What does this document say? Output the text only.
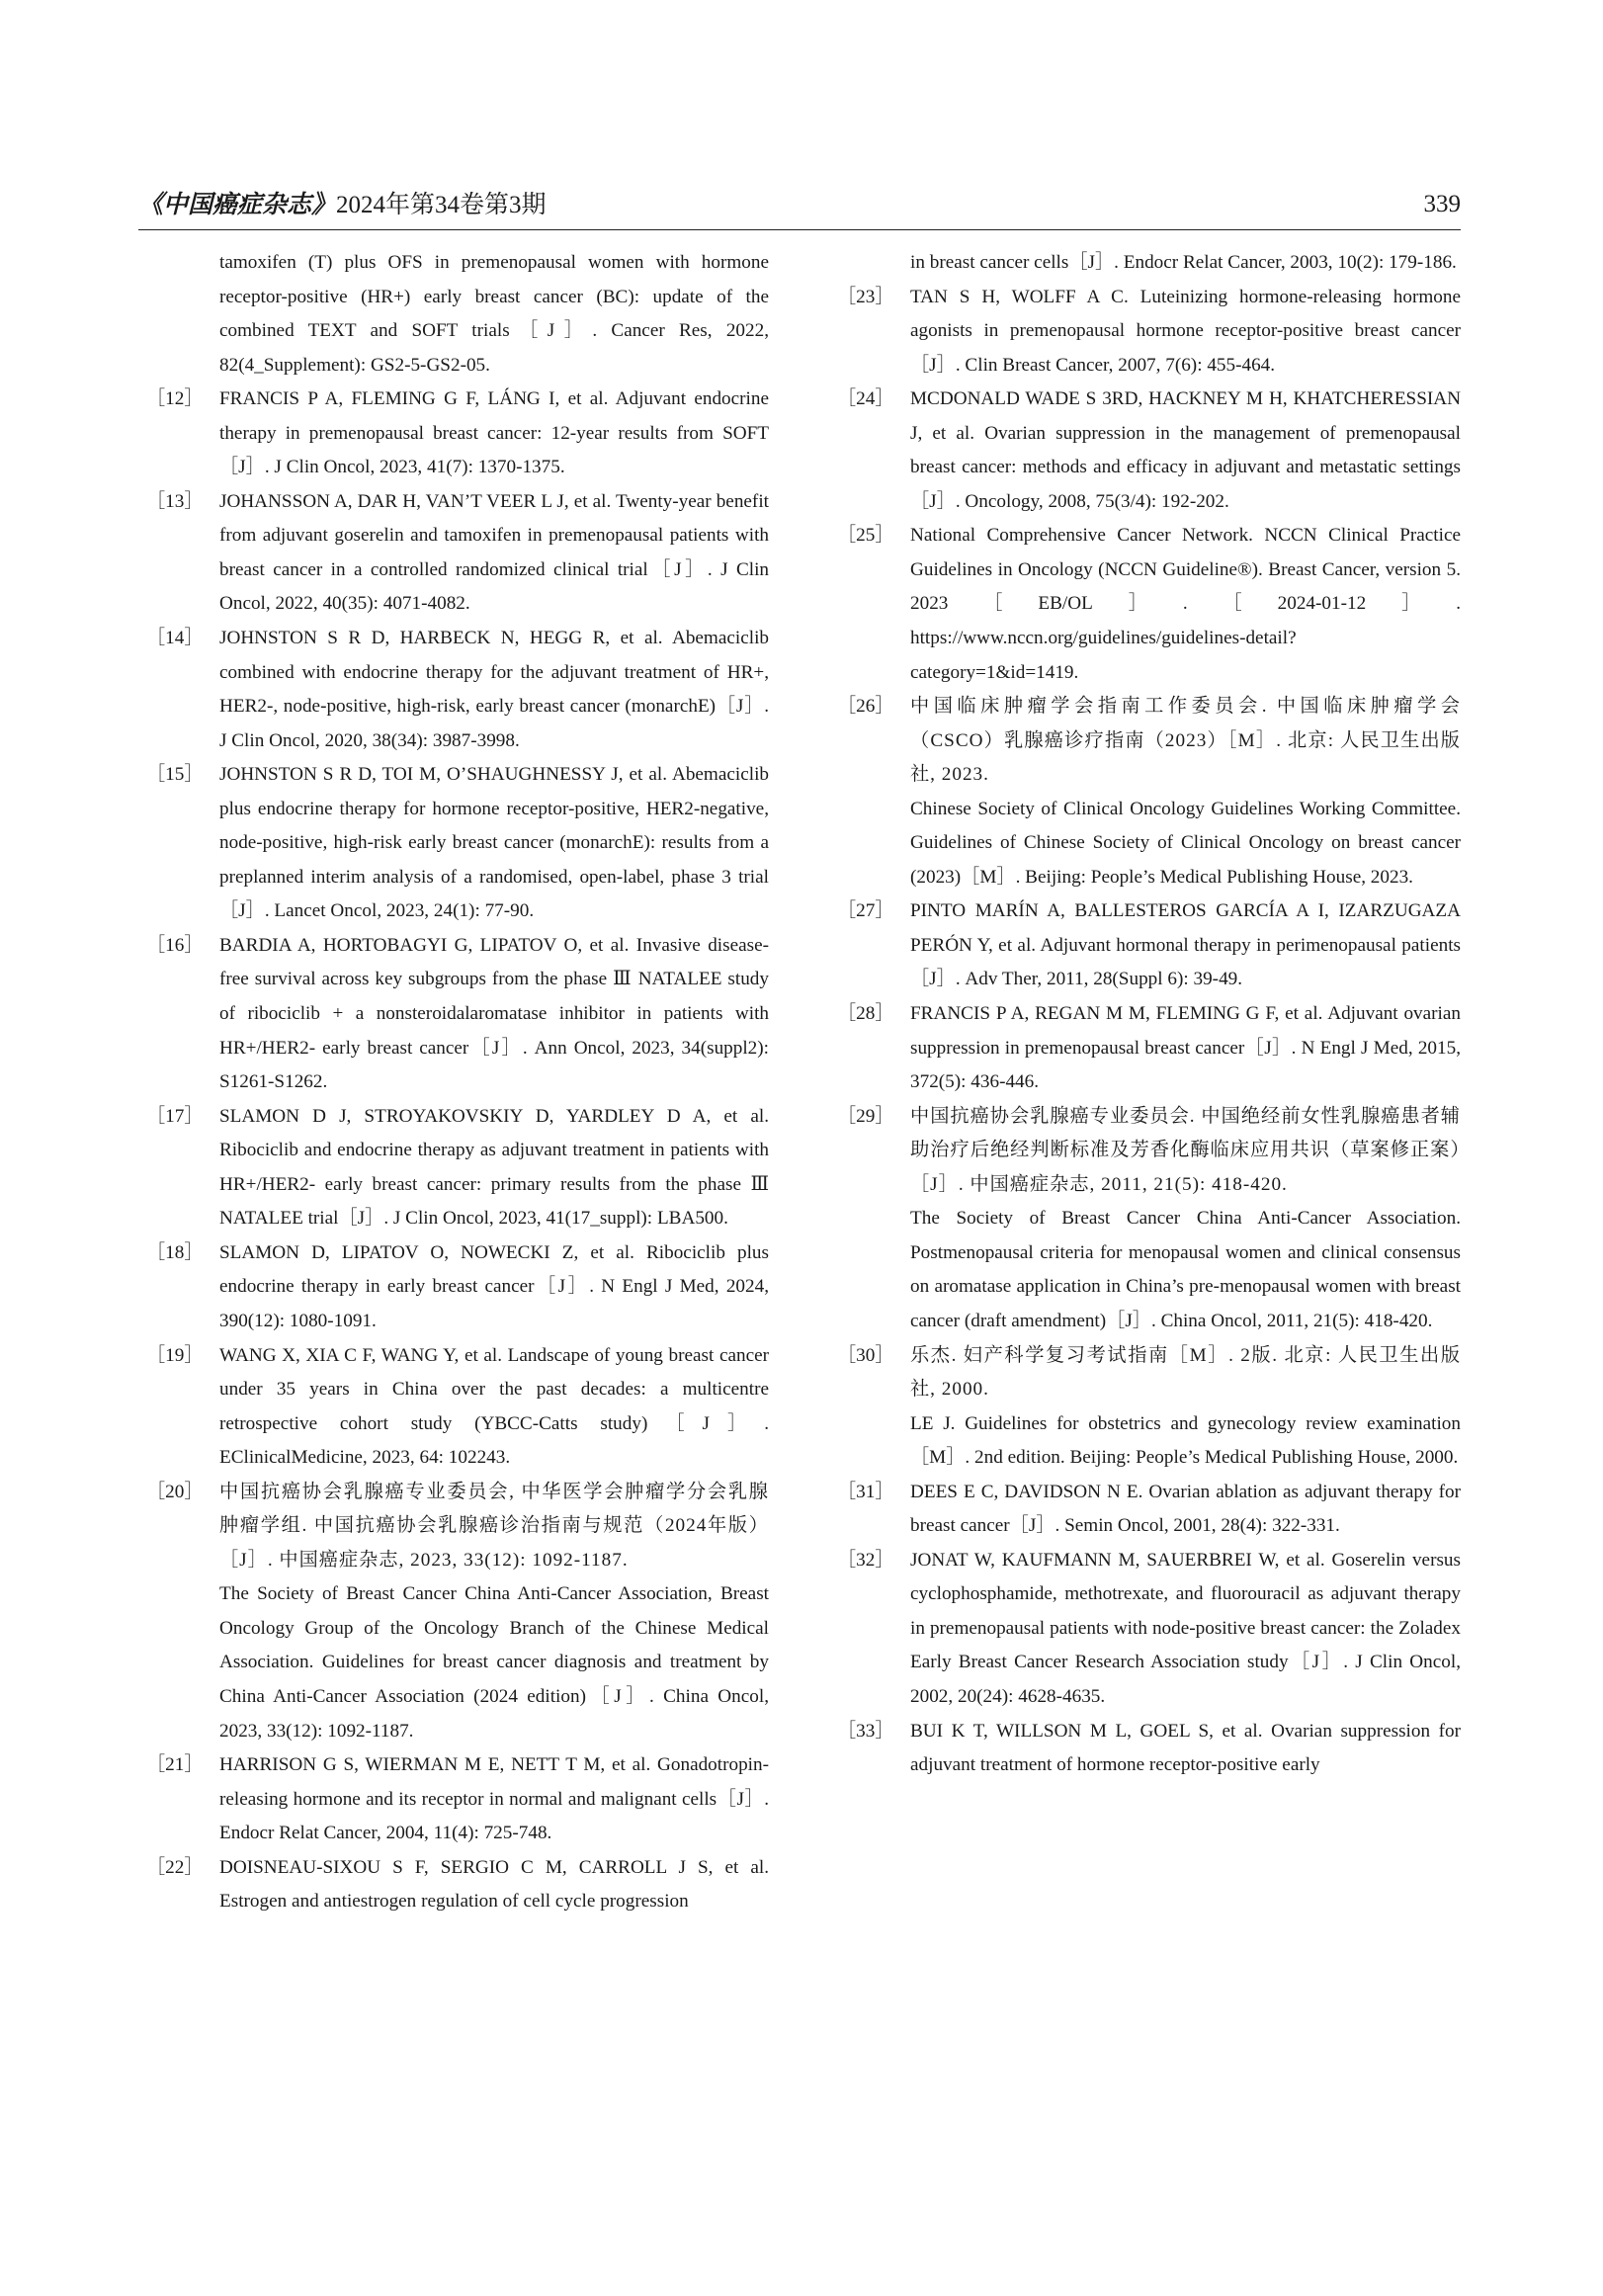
《中国癌症杂志》2024年第34卷第3期	339
tamoxifen (T) plus OFS in premenopausal women with hormone receptor-positive (HR+) early breast cancer (BC): update of the combined TEXT and SOFT trials［J］. Cancer Res, 2022, 82(4_Supplement): GS2-5-GS2-05.
［12］ FRANCIS P A, FLEMING G F, LÁNG I, et al. Adjuvant endocrine therapy in premenopausal breast cancer: 12-year results from SOFT［J］. J Clin Oncol, 2023, 41(7): 1370-1375.
［13］ JOHANSSON A, DAR H, VAN’T VEER L J, et al. Twenty-year benefit from adjuvant goserelin and tamoxifen in premenopausal patients with breast cancer in a controlled randomized clinical trial［J］. J Clin Oncol, 2022, 40(35): 4071-4082.
［14］ JOHNSTON S R D, HARBECK N, HEGG R, et al. Abemaciclib combined with endocrine therapy for the adjuvant treatment of HR+, HER2-, node-positive, high-risk, early breast cancer (monarchE)［J］. J Clin Oncol, 2020, 38(34): 3987-3998.
［15］ JOHNSTON S R D, TOI M, O’SHAUGHNESSY J, et al. Abemaciclib plus endocrine therapy for hormone receptor-positive, HER2-negative, node-positive, high-risk early breast cancer (monarchE): results from a preplanned interim analysis of a randomised, open-label, phase 3 trial［J］. Lancet Oncol, 2023, 24(1): 77-90.
［16］ BARDIA A, HORTOBAGYI G, LIPATOV O, et al. Invasive disease-free survival across key subgroups from the phase Ⅲ NATALEE study of ribociclib + a nonsteroidalaromatase inhibitor in patients with HR+/HER2- early breast cancer［J］. Ann Oncol, 2023, 34(suppl2): S1261-S1262.
［17］ SLAMON D J, STROYAKOVSKIY D, YARDLEY D A, et al. Ribociclib and endocrine therapy as adjuvant treatment in patients with HR+/HER2- early breast cancer: primary results from the phase Ⅲ NATALEE trial［J］. J Clin Oncol, 2023, 41(17_suppl): LBA500.
［18］ SLAMON D, LIPATOV O, NOWECKI Z, et al. Ribociclib plus endocrine therapy in early breast cancer［J］. N Engl J Med, 2024, 390(12): 1080-1091.
［19］ WANG X, XIA C F, WANG Y, et al. Landscape of young breast cancer under 35 years in China over the past decades: a multicentre retrospective cohort study (YBCC-Catts study)［J］. EClinicalMedicine, 2023, 64: 102243.
［20］ 中国抗癌协会乳腺癌专业委员会, 中华医学会肿瘤学分会乳腺肿瘤学组. 中国抗癌协会乳腺癌诊治指南与规范（2024年版）［J］. 中国癌症杂志, 2023, 33(12): 1092-1187.
The Society of Breast Cancer China Anti-Cancer Association, Breast Oncology Group of the Oncology Branch of the Chinese Medical Association. Guidelines for breast cancer diagnosis and treatment by China Anti-Cancer Association (2024 edition)［J］. China Oncol, 2023, 33(12): 1092-1187.
［21］ HARRISON G S, WIERMAN M E, NETT T M, et al. Gonadotropin-releasing hormone and its receptor in normal and malignant cells［J］. Endocr Relat Cancer, 2004, 11(4): 725-748.
［22］ DOISNEAU-SIXOU S F, SERGIO C M, CARROLL J S, et al. Estrogen and antiestrogen regulation of cell cycle progression
in breast cancer cells［J］. Endocr Relat Cancer, 2003, 10(2): 179-186.
［23］ TAN S H, WOLFF A C. Luteinizing hormone-releasing hormone agonists in premenopausal hormone receptor-positive breast cancer［J］. Clin Breast Cancer, 2007, 7(6): 455-464.
［24］ MCDONALD WADE S 3RD, HACKNEY M H, KHATCHERESSIAN J, et al. Ovarian suppression in the management of premenopausal breast cancer: methods and efficacy in adjuvant and metastatic settings［J］. Oncology, 2008, 75(3/4): 192-202.
［25］ National Comprehensive Cancer Network. NCCN Clinical Practice Guidelines in Oncology (NCCN Guideline®). Breast Cancer, version 5. 2023［EB/OL］.［2024-01-12］. https://www.nccn.org/guidelines/guidelines-detail?category=1&id=1419.
［26］ 中国临床肿瘤学会指南工作委员会. 中国临床肿瘤学会（CSCO）乳腺癌诊疗指南（2023）［M］. 北京: 人民卫生出版社, 2023.
Chinese Society of Clinical Oncology Guidelines Working Committee. Guidelines of Chinese Society of Clinical Oncology on breast cancer (2023)［M］. Beijing: People’s Medical Publishing House, 2023.
［27］ PINTO MARÍN A, BALLESTEROS GARCÍA A I, IZARZUGAZA PERÓN Y, et al. Adjuvant hormonal therapy in perimenopausal patients［J］. Adv Ther, 2011, 28(Suppl 6): 39-49.
［28］ FRANCIS P A, REGAN M M, FLEMING G F, et al. Adjuvant ovarian suppression in premenopausal breast cancer［J］. N Engl J Med, 2015, 372(5): 436-446.
［29］ 中国抗癌协会乳腺癌专业委员会. 中国绝经前女性乳腺癌患者辅助治疗后绝经判断标准及芳香化酶临床应用共识（草案修正案）［J］. 中国癌症杂志, 2011, 21(5): 418-420.
The Society of Breast Cancer China Anti-Cancer Association. Postmenopausal criteria for menopausal women and clinical consensus on aromatase application in China’s pre-menopausal women with breast cancer (draft amendment)［J］. China Oncol, 2011, 21(5): 418-420.
［30］ 乐杰. 妇产科学复习考试指南［M］. 2版. 北京: 人民卫生出版社, 2000.
LE J. Guidelines for obstetrics and gynecology review examination［M］. 2nd edition. Beijing: People’s Medical Publishing House, 2000.
［31］ DEES E C, DAVIDSON N E. Ovarian ablation as adjuvant therapy for breast cancer［J］. Semin Oncol, 2001, 28(4): 322-331.
［32］ JONAT W, KAUFMANN M, SAUERBREI W, et al. Goserelin versus cyclophosphamide, methotrexate, and fluorouracil as adjuvant therapy in premenopausal patients with node-positive breast cancer: the Zoladex Early Breast Cancer Research Association study［J］. J Clin Oncol, 2002, 20(24): 4628-4635.
［33］ BUI K T, WILLSON M L, GOEL S, et al. Ovarian suppression for adjuvant treatment of hormone receptor-positive early
